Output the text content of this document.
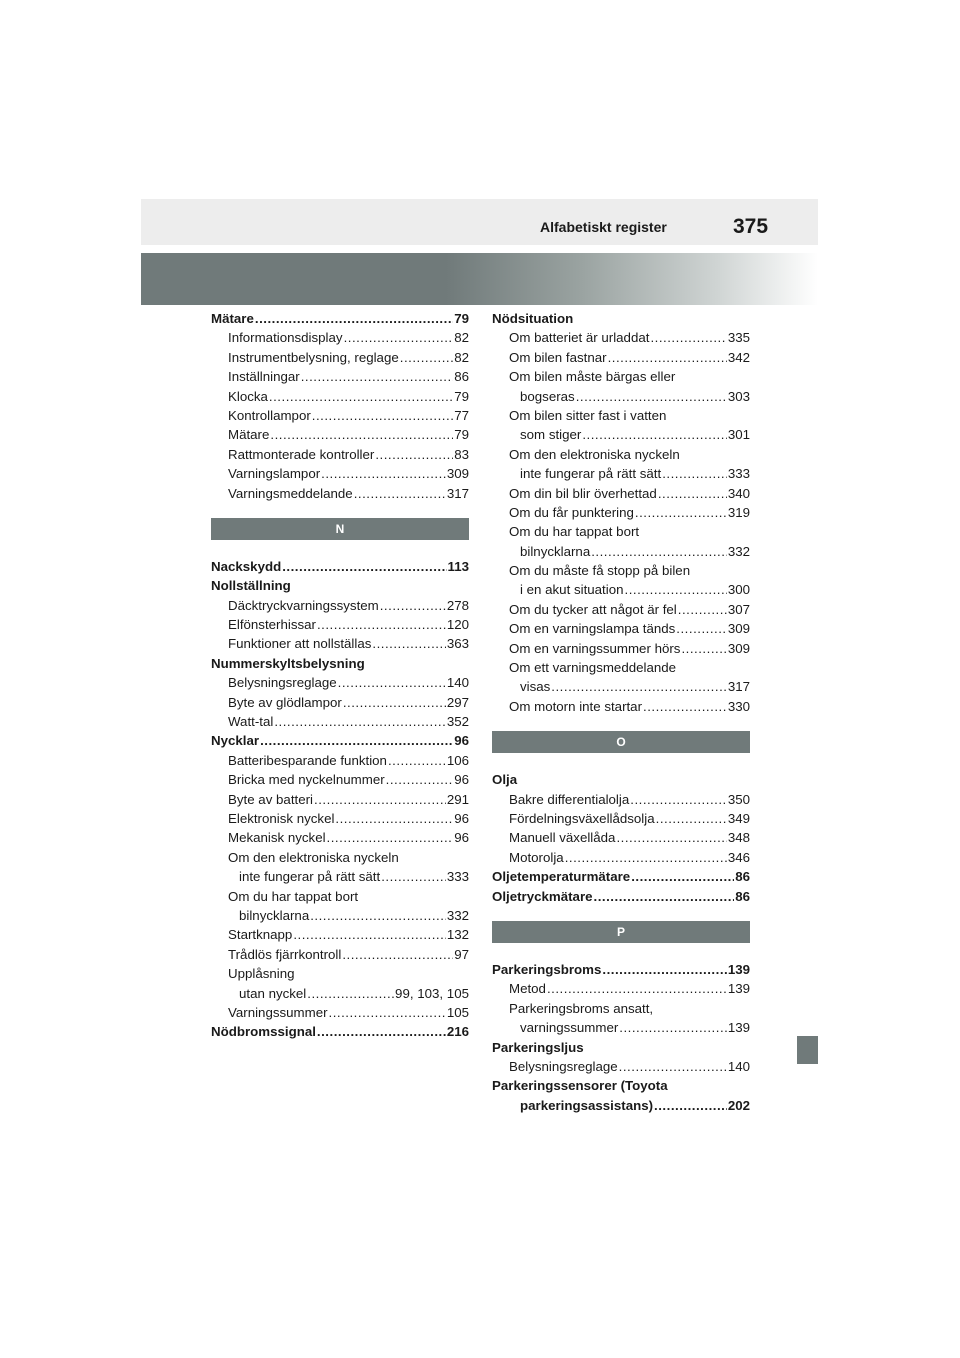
Alfabetiskt register	375
Mätare .....	79
Informationsdisplay .....	82
Instrumentbelysning, reglage .....	82
Inställningar .....	86
Klocka .....	79
Kontrollampor .....	77
Mätare .....	79
Rattmonterade kontroller .....	83
Varningslampor .....	309
Varningsmeddelande .....	317
N
Nackskydd .....	113
Nollställning
Däcktryckvarningssystem .....	278
Elfönsterhissar .....	120
Funktioner att nollställas .....	363
Nummerskyltsbelysning
Belysningsreglage .....	140
Byte av glödlampor .....	297
Watt-tal .....	352
Nycklar .....	96
Batteribesparande funktion .....	106
Bricka med nyckelnummer .....	96
Byte av batteri .....	291
Elektronisk nyckel .....	96
Mekanisk nyckel .....	96
Om den elektroniska nyckeln
inte fungerar på rätt sätt .....	333
Om du har tappat bort
bilnycklarna .....	332
Startknapp .....	132
Trådlös fjärrkontroll .....	97
Upplåsning
utan nyckel .....	99, 103, 105
Varningssummer .....	105
Nödbromssignal .....	216
Nödsituation
Om batteriet är urladdat .....	335
Om bilen fastnar .....	342
Om bilen måste bärgas eller
bogseras .....	303
Om bilen sitter fast i vatten
som stiger .....	301
Om den elektroniska nyckeln
inte fungerar på rätt sätt .....	333
Om din bil blir överhettad .....	340
Om du får punktering .....	319
Om du har tappat bort
bilnycklarna .....	332
Om du måste få stopp på bilen
i en akut situation .....	300
Om du tycker att något är fel .....	307
Om en varningslampa tänds .....	309
Om en varningssummer hörs .....	309
Om ett varningsmeddelande
visas .....	317
Om motorn inte startar .....	330
O
Olja
Bakre differentialolja .....	350
Fördelningsväxellådsolja .....	349
Manuell växellåda .....	348
Motorolja .....	346
Oljetemperaturmätare .....	86
Oljetryckmätare .....	86
P
Parkeringsbroms .....	139
Metod .....	139
Parkeringsbroms ansatt,
varningssummer .....	139
Parkeringsljus
Belysningsreglage .....	140
Parkeringssensorer (Toyota
parkeringsassistans) .....	202
